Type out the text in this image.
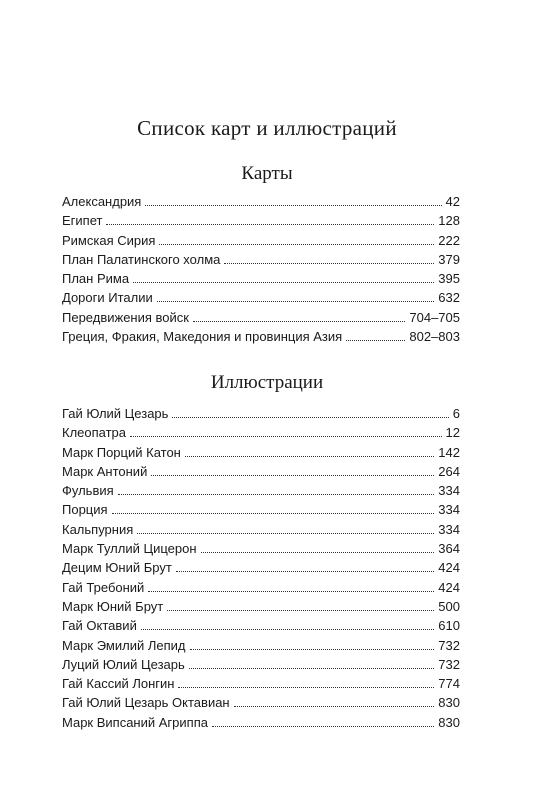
Список карт и иллюстраций
Карты
Александрия	42
Египет	128
Римская Сирия	222
План Палатинского холма	379
План Рима	395
Дороги Италии	632
Передвижения войск	704–705
Греция, Фракия, Македония и провинция Азия	802–803
Иллюстрации
Гай Юлий Цезарь	6
Клеопатра	12
Марк Порций Катон	142
Марк Антоний	264
Фульвия	334
Порция	334
Кальпурния	334
Марк Туллий Цицерон	364
Децим Юний Брут	424
Гай Требоний	424
Марк Юний Брут	500
Гай Октавий	610
Марк Эмилий Лепид	732
Луций Юлий Цезарь	732
Гай Кассий Лонгин	774
Гай Юлий Цезарь Октавиан	830
Марк Випсаний Агриппа	830
